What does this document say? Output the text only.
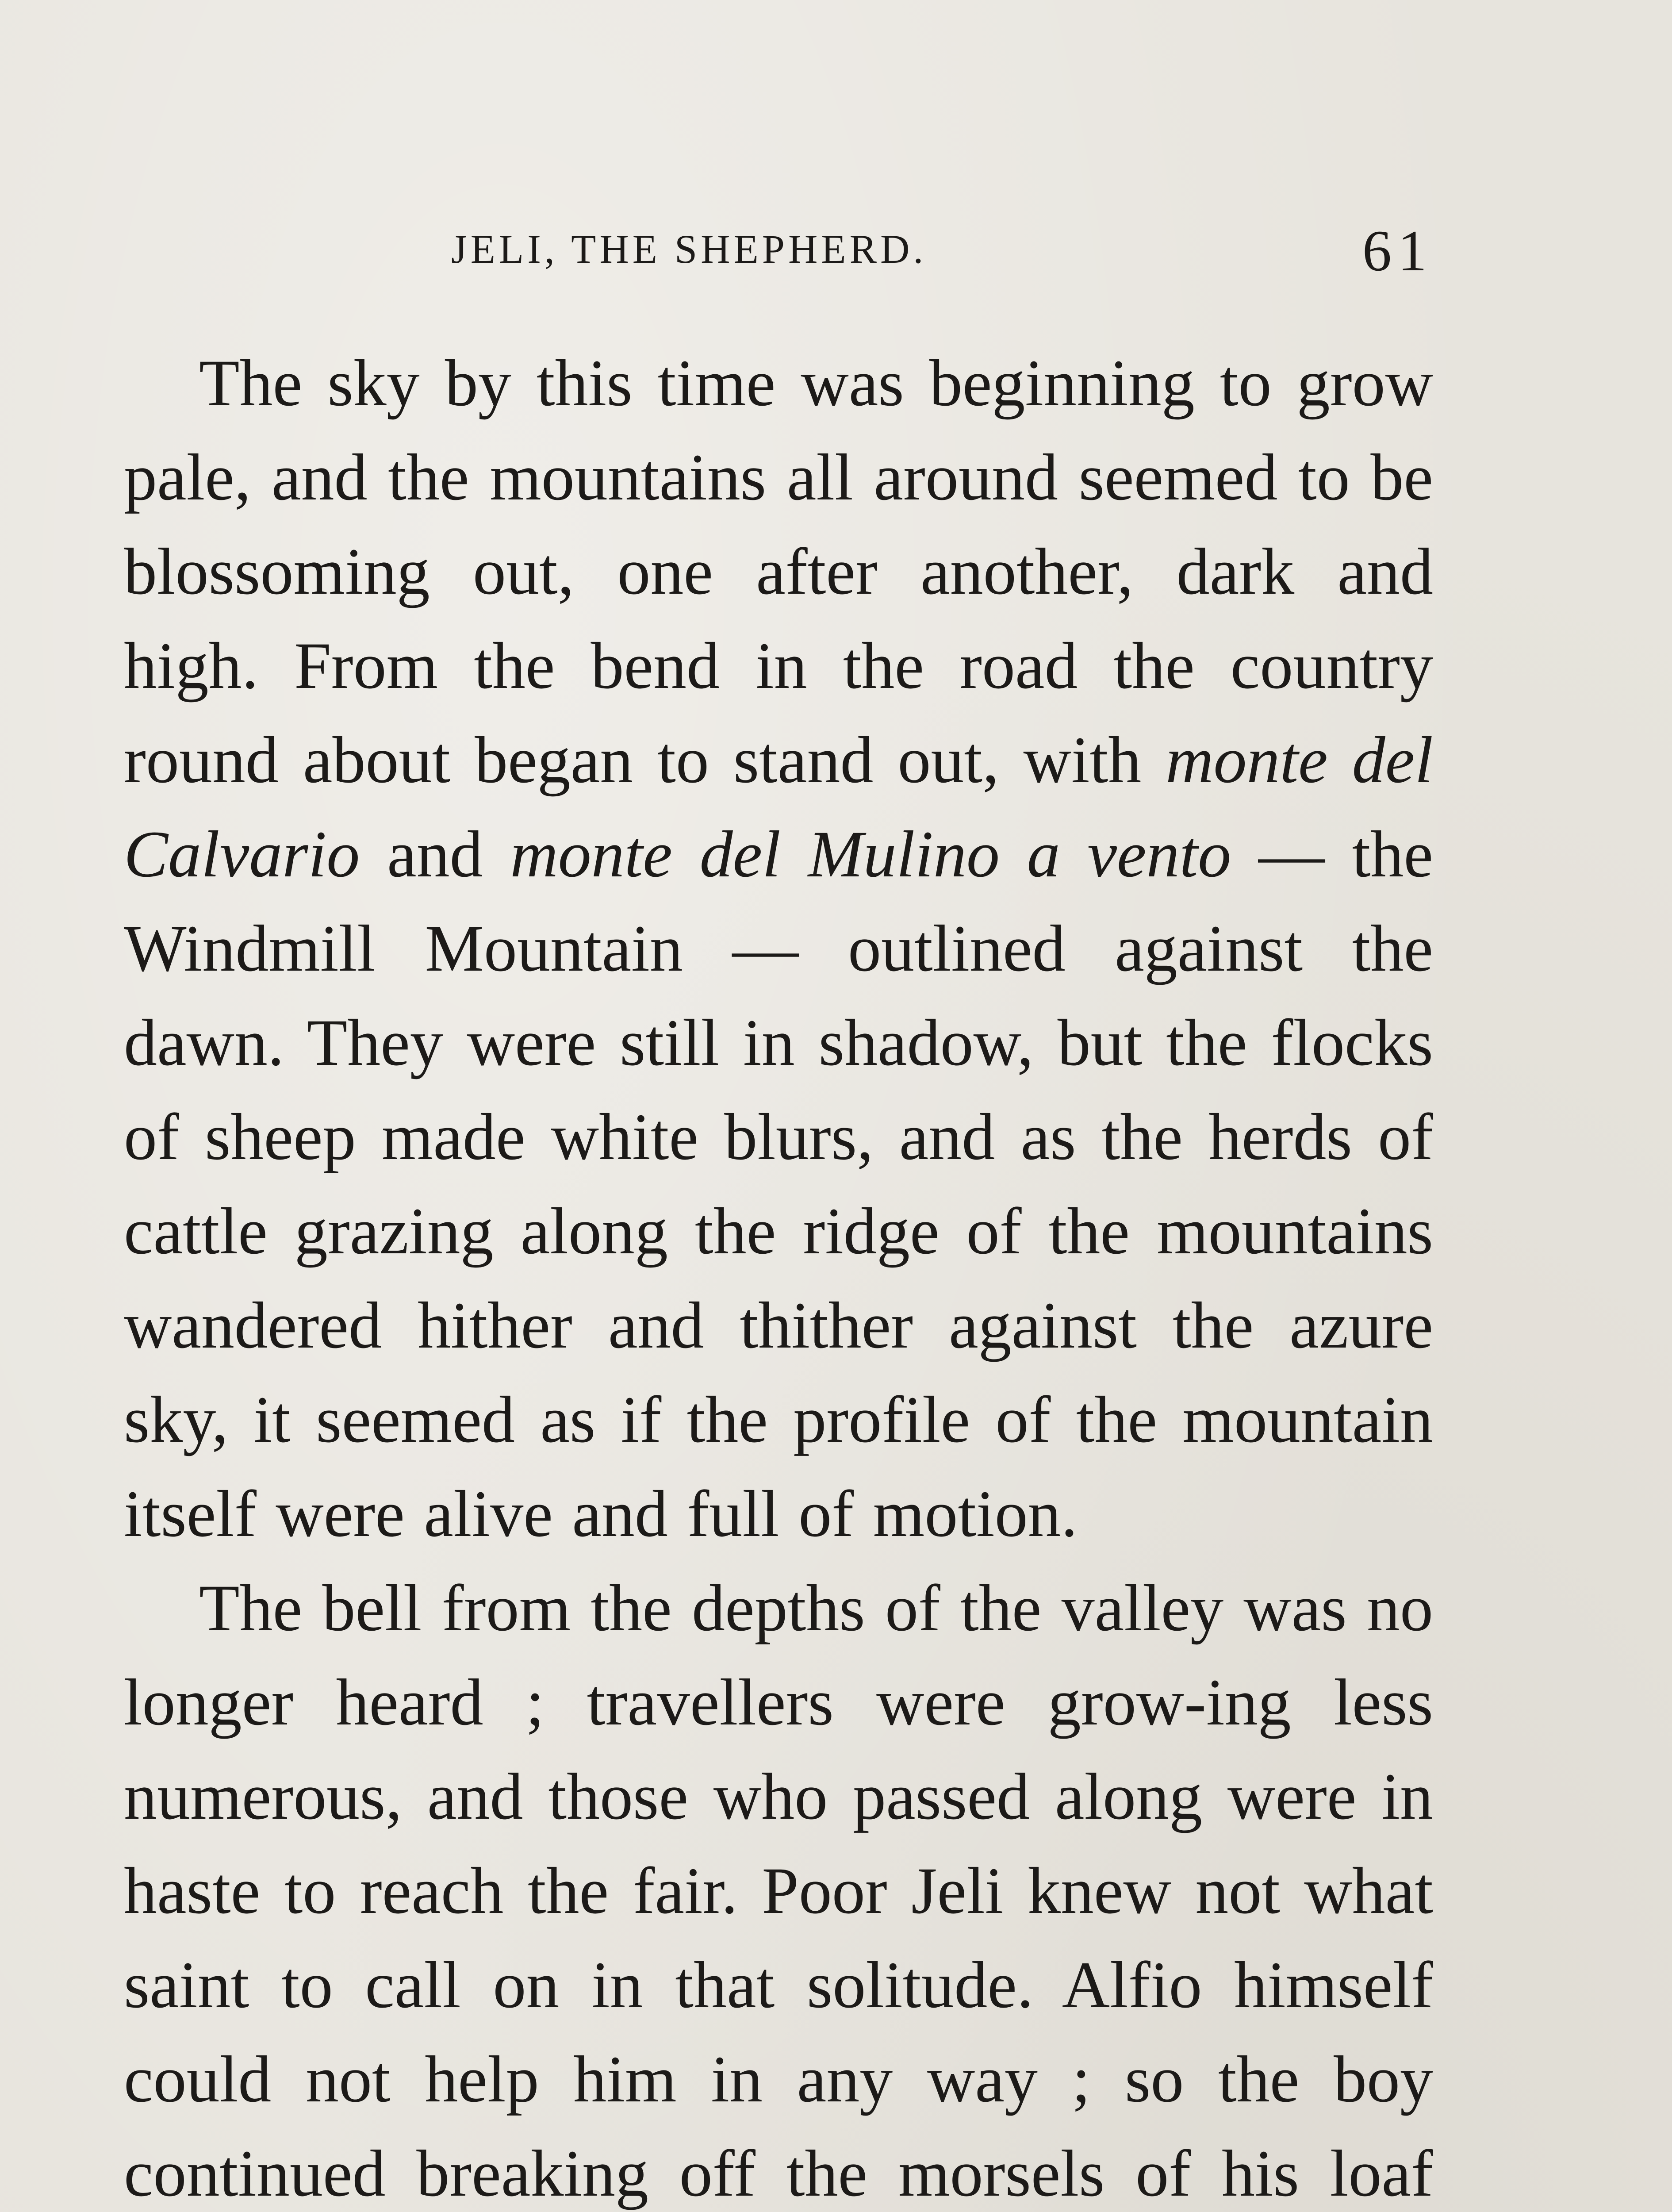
JELI, THE SHEPHERD.	61

The sky by this time was beginning to grow pale, and the mountains all around seemed to be blossoming out, one after another, dark and high. From the bend in the road the country round about began to stand out, with monte del Calvario and monte del Mulino a vento — the Windmill Mountain — outlined against the dawn. They were still in shadow, but the flocks of sheep made white blurs, and as the herds of cattle grazing along the ridge of the mountains wandered hither and thither against the azure sky, it seemed as if the profile of the mountain itself were alive and full of motion.

The bell from the depths of the valley was no longer heard ; travellers were grow-ing less numerous, and those who passed along were in haste to reach the fair. Poor Jeli knew not what saint to call on in that solitude. Alfio himself could not help him in any way ; so the boy continued breaking off the morsels of his loaf
